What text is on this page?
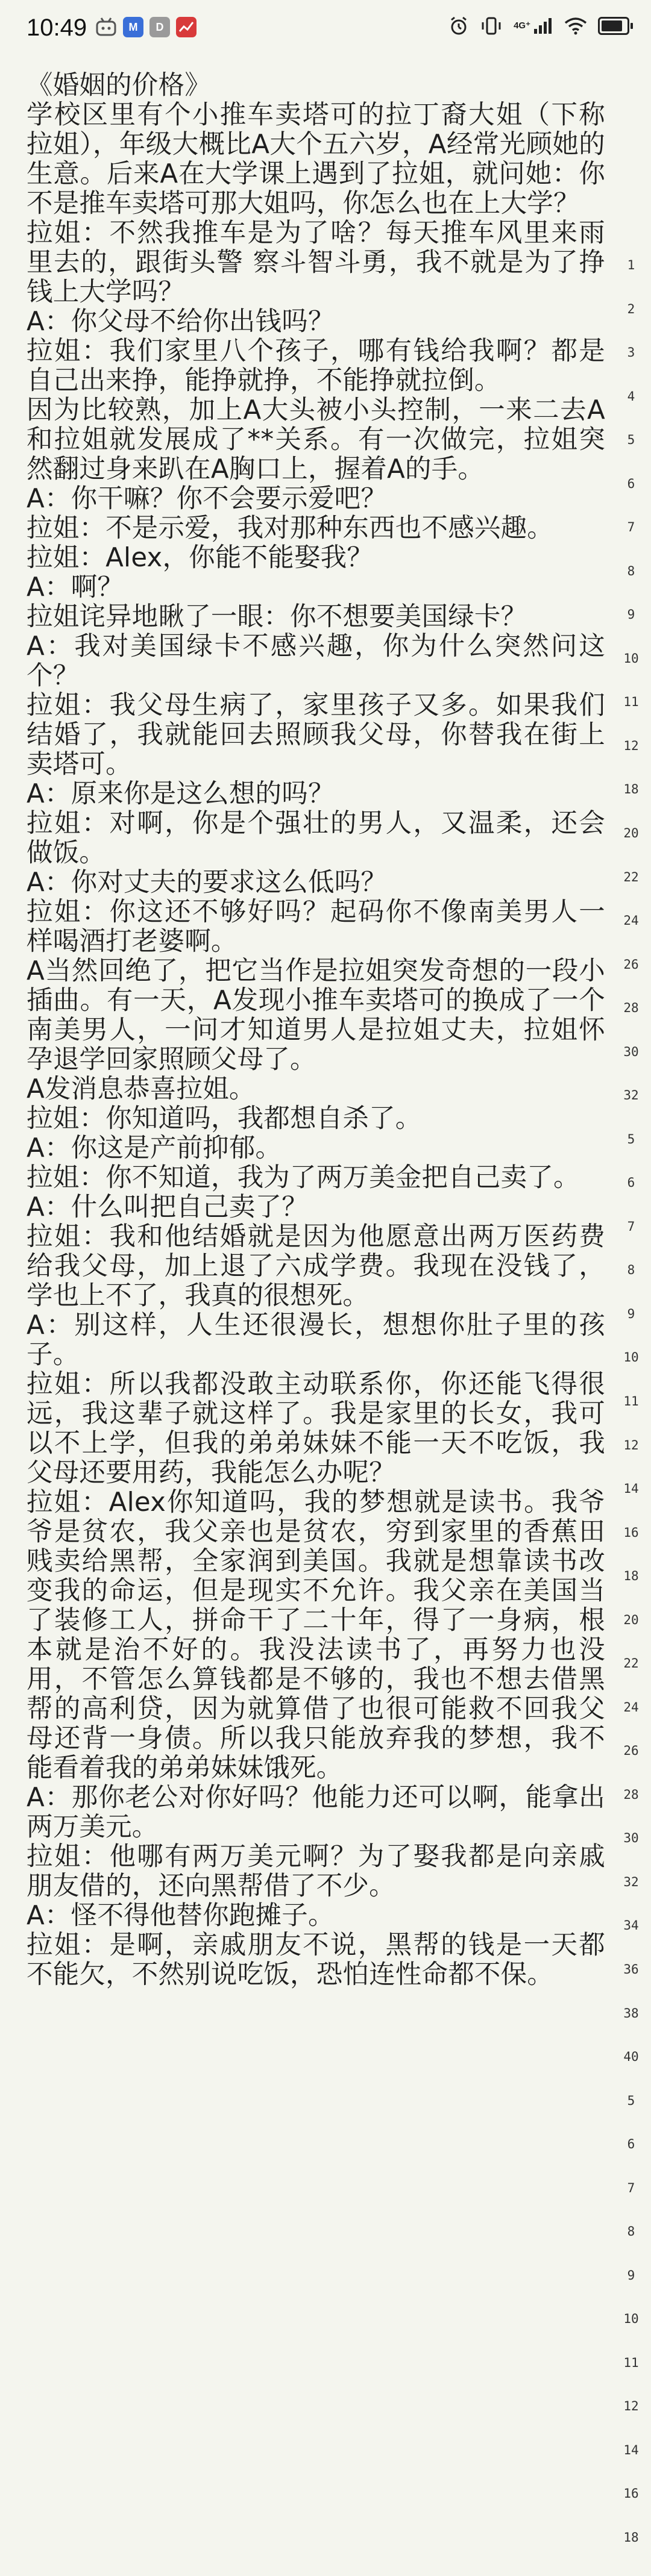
10:49	M	D	4G⁺

《婚姻的价格》

学校区里有个小推车卖塔可的拉丁裔大姐（下称拉姐），年级大概比A大个五六岁，A经常光顾她的生意。后来A在大学课上遇到了拉姐，就问她：你不是推车卖塔可那大姐吗，你怎么也在上大学？

拉姐：不然我推车是为了啥？每天推车风里来雨里去的，跟街头警 察斗智斗勇，我不就是为了挣钱上大学吗？

A：你父母不给你出钱吗？

拉姐：我们家里八个孩子，哪有钱给我啊？都是自己出来挣，能挣就挣，不能挣就拉倒。

因为比较熟，加上A大头被小头控制，一来二去A和拉姐就发展成了**关系。有一次做完，拉姐突然翻过身来趴在A胸口上，握着A的手。

A：你干嘛？你不会要示爱吧？

拉姐：不是示爱，我对那种东西也不感兴趣。

拉姐：Alex，你能不能娶我？

A：啊？

拉姐诧异地瞅了一眼：你不想要美国绿卡？

A：我对美国绿卡不感兴趣，你为什么突然问这个？

拉姐：我父母生病了，家里孩子又多。如果我们结婚了，我就能回去照顾我父母，你替我在街上卖塔可。

A：原来你是这么想的吗？

拉姐：对啊，你是个强壮的男人，又温柔，还会做饭。

A：你对丈夫的要求这么低吗？

拉姐：你这还不够好吗？起码你不像南美男人一样喝酒打老婆啊。

A当然回绝了，把它当作是拉姐突发奇想的一段小插曲。有一天，A发现小推车卖塔可的换成了一个南美男人，一问才知道男人是拉姐丈夫，拉姐怀孕退学回家照顾父母了。

A发消息恭喜拉姐。

拉姐：你知道吗，我都想自杀了。

A：你这是产前抑郁。

拉姐：你不知道，我为了两万美金把自己卖了。

A：什么叫把自己卖了？

拉姐：我和他结婚就是因为他愿意出两万医药费给我父母，加上退了六成学费。我现在没钱了，学也上不了，我真的很想死。

A：别这样，人生还很漫长，想想你肚子里的孩子。

拉姐：所以我都没敢主动联系你，你还能飞得很远，我这辈子就这样了。我是家里的长女，我可以不上学，但我的弟弟妹妹不能一天不吃饭，我父母还要用药，我能怎么办呢？

拉姐：Alex你知道吗，我的梦想就是读书。我爷爷是贫农，我父亲也是贫农，穷到家里的香蕉田贱卖给黑帮，全家润到美国。我就是想靠读书改变我的命运，但是现实不允许。我父亲在美国当了装修工人，拼命干了二十年，得了一身病，根本就是治不好的。我没法读书了，再努力也没用，不管怎么算钱都是不够的，我也不想去借黑帮的高利贷，因为就算借了也很可能救不回我父母还背一身债。所以我只能放弃我的梦想，我不能看着我的弟弟妹妹饿死。

A：那你老公对你好吗？他能力还可以啊，能拿出两万美元。

拉姐：他哪有两万美元啊？为了娶我都是向亲戚朋友借的，还向黑帮借了不少。

A：怪不得他替你跑摊子。

拉姐：是啊，亲戚朋友不说，黑帮的钱是一天都不能欠，不然别说吃饭，恐怕连性命都不保。

1
2
3
4
5
6
7
8
9
10
11
12
18
20
22
24
26
28
30
32
5
6
7
8
9
10
11
12
14
16
18
20
22
24
26
28
30
32
34
36
38
40
5
6
7
8
9
10
11
12
14
16
18
